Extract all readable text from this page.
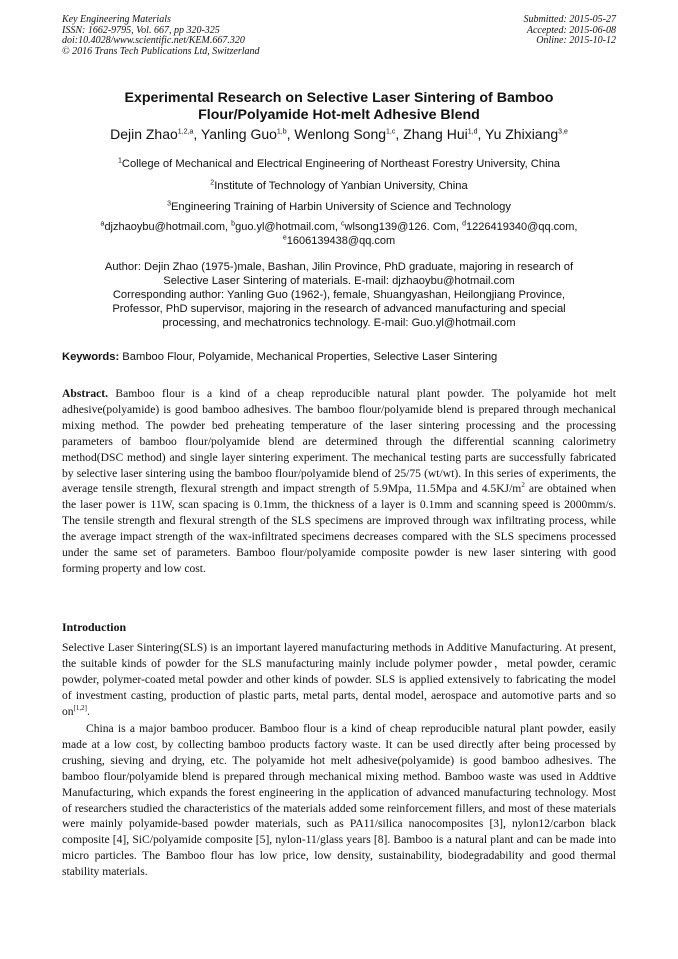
Key Engineering Materials
ISSN: 1662-9795, Vol. 667, pp 320-325
doi:10.4028/www.scientific.net/KEM.667.320
© 2016 Trans Tech Publications Ltd, Switzerland
Submitted: 2015-05-27
Accepted: 2015-06-08
Online: 2015-10-12
Experimental Research on Selective Laser Sintering of Bamboo
Flour/Polyamide Hot-melt Adhesive Blend
Dejin Zhao$^{1,2,a}$, Yanling Guo$^{1,b}$, Wenlong Song$^{1,c}$, Zhang Hui$^{1,d}$, Yu Zhixiang$^{3,e}$
$^1$College of Mechanical and Electrical Engineering of Northeast Forestry University, China
$^2$Institute of Technology of Yanbian University, China
$^3$Engineering Training of Harbin University of Science and Technology
$^a$djzhaoybu@hotmail.com, $^b$guo.yl@hotmail.com, $^c$wlsong139@126. Com, $^d$1226419340@qq.com,
$^e$1606139438@qq.com
Author: Dejin Zhao (1975-)male, Bashan, Jilin Province, PhD graduate, majoring in research of
Selective Laser Sintering of materials. E-mail: djzhaoybu@hotmail.com
Corresponding author: Yanling Guo (1962-), female, Shuangyashan, Heilongjiang Province,
Professor, PhD supervisor, majoring in the research of advanced manufacturing and special
processing, and mechatronics technology. E-mail: Guo.yl@hotmail.com
Keywords: Bamboo Flour, Polyamide, Mechanical Properties, Selective Laser Sintering
Abstract. Bamboo flour is a kind of a cheap reproducible natural plant powder. The polyamide hot melt adhesive(polyamide) is good bamboo adhesives. The bamboo flour/polyamide blend is prepared through mechanical mixing method. The powder bed preheating temperature of the laser sintering processing and the processing parameters of bamboo flour/polyamide blend are determined through the differential scanning calorimetry method(DSC method) and single layer sintering experiment. The mechanical testing parts are successfully fabricated by selective laser sintering using the bamboo flour/polyamide blend of 25/75 (wt/wt). In this series of experiments, the average tensile strength, flexural strength and impact strength of 5.9Mpa, 11.5Mpa and $4.5KJ/m^2$ are obtained when the laser power is 11W, scan spacing is 0.1mm, the thickness of a layer is 0.1mm and scanning speed is 2000mm/s. The tensile strength and flexural strength of the SLS specimens are improved through wax infiltrating process, while the average impact strength of the wax-infiltrated specimens decreases compared with the SLS specimens processed under the same set of parameters. Bamboo flour/polyamide composite powder is new laser sintering with good forming property and low cost.
Introduction
Selective Laser Sintering(SLS) is an important layered manufacturing methods in Additive Manufacturing. At present, the suitable kinds of powder for the SLS manufacturing mainly include polymer powder，metal powder, ceramic powder, polymer-coated metal powder and other kinds of powder. SLS is applied extensively to fabricating the model of investment casting, production of plastic parts, metal parts, dental model, aerospace and automotive parts and so on[1,2].
China is a major bamboo producer. Bamboo flour is a kind of cheap reproducible natural plant powder, easily made at a low cost, by collecting bamboo products factory waste. It can be used directly after being processed by crushing, sieving and drying, etc. The polyamide hot melt adhesive(polyamide) is good bamboo adhesives. The bamboo flour/polyamide blend is prepared through mechanical mixing method. Bamboo waste was used in Addtive Manufacturing, which expands the forest engineering in the application of advanced manufacturing technology. Most of researchers studied the characteristics of the materials added some reinforcement fillers, and most of these materials were mainly polyamide-based powder materials, such as PA11/silica nanocomposites [3], nylon12/carbon black composite [4], SiC/polyamide composite [5], nylon-11/glass years [8]. Bamboo is a natural plant and can be made into micro particles. The Bamboo flour has low price, low density, sustainability, biodegradability and good thermal stability materials.
